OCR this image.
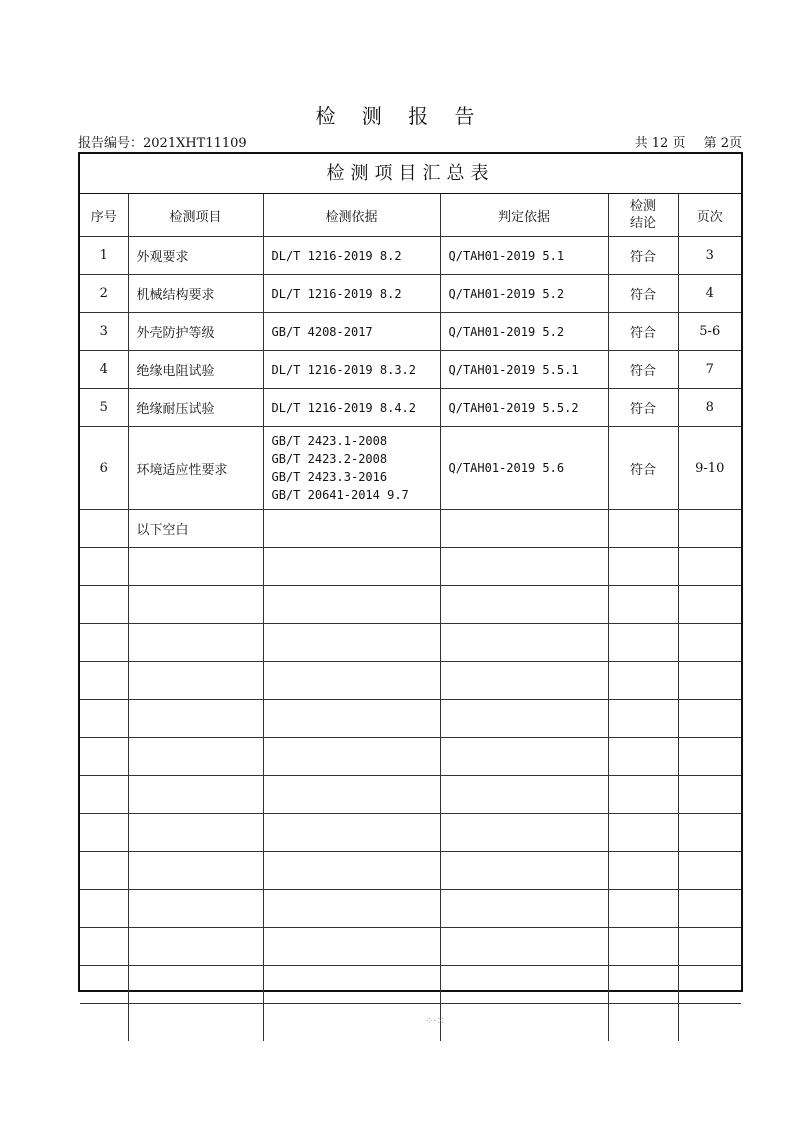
检 测 报 告
报告编号：2021XHT11109	共 12 页 第 2页
检测项目汇总表
序号	检测项目	检测依据	判定依据	检测结论	页次
1	外观要求	DL/T 1216-2019 8.2	Q/TAH01-2019 5.1	符合	3
2	机械结构要求	DL/T 1216-2019 8.2	Q/TAH01-2019 5.2	符合	4
3	外壳防护等级	GB/T 4208-2017	Q/TAH01-2019 5.2	符合	5-6
4	绝缘电阻试验	DL/T 1216-2019 8.3.2	Q/TAH01-2019 5.5.1	符合	7
5	绝缘耐压试验	DL/T 1216-2019 8.4.2	Q/TAH01-2019 5.5.2	符合	8
6	环境适应性要求	GB/T 2423.1-2008
GB/T 2423.2-2008
GB/T 2423.3-2016
GB/T 20641-2014 9.7	Q/TAH01-2019 5.6	符合	9-10
	以下空白				

⁘·⁙
